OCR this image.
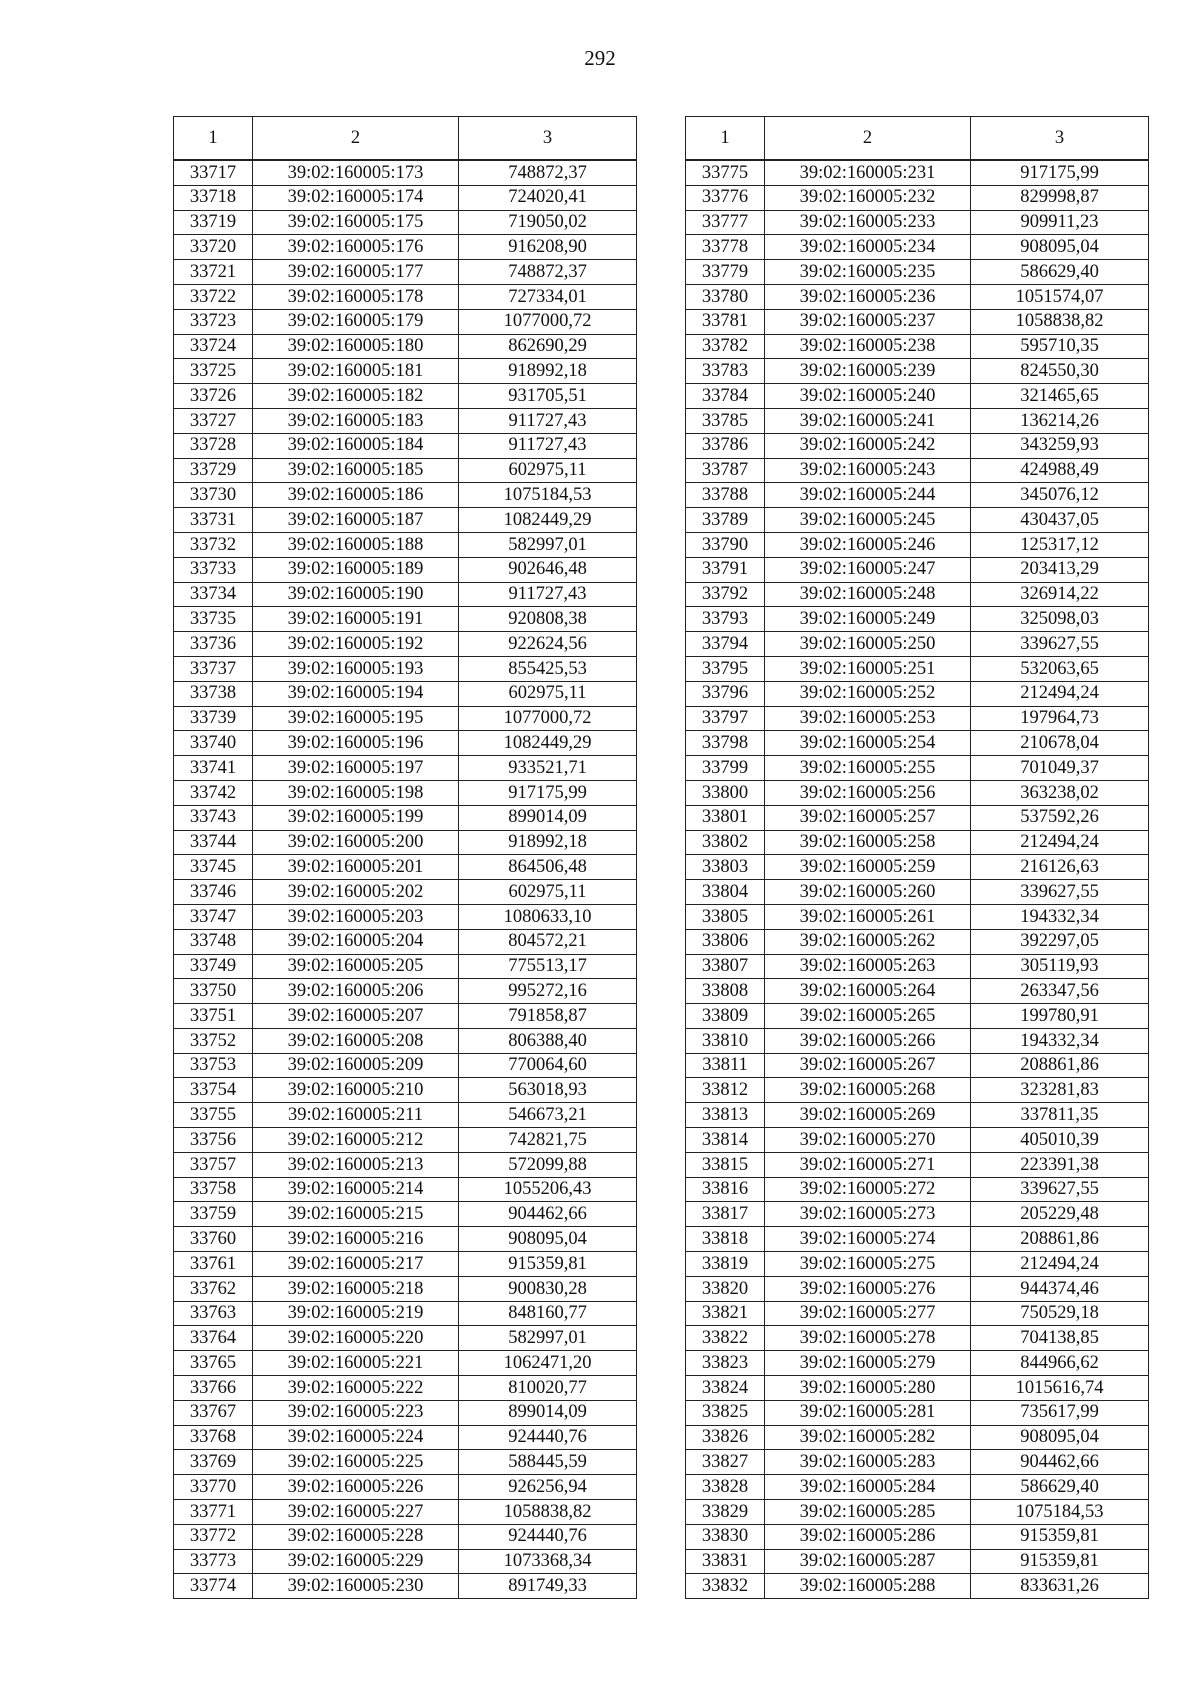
292
1	2	3
33717	39:02:160005:173	748872,37
33718	39:02:160005:174	724020,41
33719	39:02:160005:175	719050,02
33720	39:02:160005:176	916208,90
33721	39:02:160005:177	748872,37
33722	39:02:160005:178	727334,01
33723	39:02:160005:179	1077000,72
33724	39:02:160005:180	862690,29
33725	39:02:160005:181	918992,18
33726	39:02:160005:182	931705,51
33727	39:02:160005:183	911727,43
33728	39:02:160005:184	911727,43
33729	39:02:160005:185	602975,11
33730	39:02:160005:186	1075184,53
33731	39:02:160005:187	1082449,29
33732	39:02:160005:188	582997,01
33733	39:02:160005:189	902646,48
33734	39:02:160005:190	911727,43
33735	39:02:160005:191	920808,38
33736	39:02:160005:192	922624,56
33737	39:02:160005:193	855425,53
33738	39:02:160005:194	602975,11
33739	39:02:160005:195	1077000,72
33740	39:02:160005:196	1082449,29
33741	39:02:160005:197	933521,71
33742	39:02:160005:198	917175,99
33743	39:02:160005:199	899014,09
33744	39:02:160005:200	918992,18
33745	39:02:160005:201	864506,48
33746	39:02:160005:202	602975,11
33747	39:02:160005:203	1080633,10
33748	39:02:160005:204	804572,21
33749	39:02:160005:205	775513,17
33750	39:02:160005:206	995272,16
33751	39:02:160005:207	791858,87
33752	39:02:160005:208	806388,40
33753	39:02:160005:209	770064,60
33754	39:02:160005:210	563018,93
33755	39:02:160005:211	546673,21
33756	39:02:160005:212	742821,75
33757	39:02:160005:213	572099,88
33758	39:02:160005:214	1055206,43
33759	39:02:160005:215	904462,66
33760	39:02:160005:216	908095,04
33761	39:02:160005:217	915359,81
33762	39:02:160005:218	900830,28
33763	39:02:160005:219	848160,77
33764	39:02:160005:220	582997,01
33765	39:02:160005:221	1062471,20
33766	39:02:160005:222	810020,77
33767	39:02:160005:223	899014,09
33768	39:02:160005:224	924440,76
33769	39:02:160005:225	588445,59
33770	39:02:160005:226	926256,94
33771	39:02:160005:227	1058838,82
33772	39:02:160005:228	924440,76
33773	39:02:160005:229	1073368,34
33774	39:02:160005:230	891749,33
1	2	3
33775	39:02:160005:231	917175,99
33776	39:02:160005:232	829998,87
33777	39:02:160005:233	909911,23
33778	39:02:160005:234	908095,04
33779	39:02:160005:235	586629,40
33780	39:02:160005:236	1051574,07
33781	39:02:160005:237	1058838,82
33782	39:02:160005:238	595710,35
33783	39:02:160005:239	824550,30
33784	39:02:160005:240	321465,65
33785	39:02:160005:241	136214,26
33786	39:02:160005:242	343259,93
33787	39:02:160005:243	424988,49
33788	39:02:160005:244	345076,12
33789	39:02:160005:245	430437,05
33790	39:02:160005:246	125317,12
33791	39:02:160005:247	203413,29
33792	39:02:160005:248	326914,22
33793	39:02:160005:249	325098,03
33794	39:02:160005:250	339627,55
33795	39:02:160005:251	532063,65
33796	39:02:160005:252	212494,24
33797	39:02:160005:253	197964,73
33798	39:02:160005:254	210678,04
33799	39:02:160005:255	701049,37
33800	39:02:160005:256	363238,02
33801	39:02:160005:257	537592,26
33802	39:02:160005:258	212494,24
33803	39:02:160005:259	216126,63
33804	39:02:160005:260	339627,55
33805	39:02:160005:261	194332,34
33806	39:02:160005:262	392297,05
33807	39:02:160005:263	305119,93
33808	39:02:160005:264	263347,56
33809	39:02:160005:265	199780,91
33810	39:02:160005:266	194332,34
33811	39:02:160005:267	208861,86
33812	39:02:160005:268	323281,83
33813	39:02:160005:269	337811,35
33814	39:02:160005:270	405010,39
33815	39:02:160005:271	223391,38
33816	39:02:160005:272	339627,55
33817	39:02:160005:273	205229,48
33818	39:02:160005:274	208861,86
33819	39:02:160005:275	212494,24
33820	39:02:160005:276	944374,46
33821	39:02:160005:277	750529,18
33822	39:02:160005:278	704138,85
33823	39:02:160005:279	844966,62
33824	39:02:160005:280	1015616,74
33825	39:02:160005:281	735617,99
33826	39:02:160005:282	908095,04
33827	39:02:160005:283	904462,66
33828	39:02:160005:284	586629,40
33829	39:02:160005:285	1075184,53
33830	39:02:160005:286	915359,81
33831	39:02:160005:287	915359,81
33832	39:02:160005:288	833631,26
